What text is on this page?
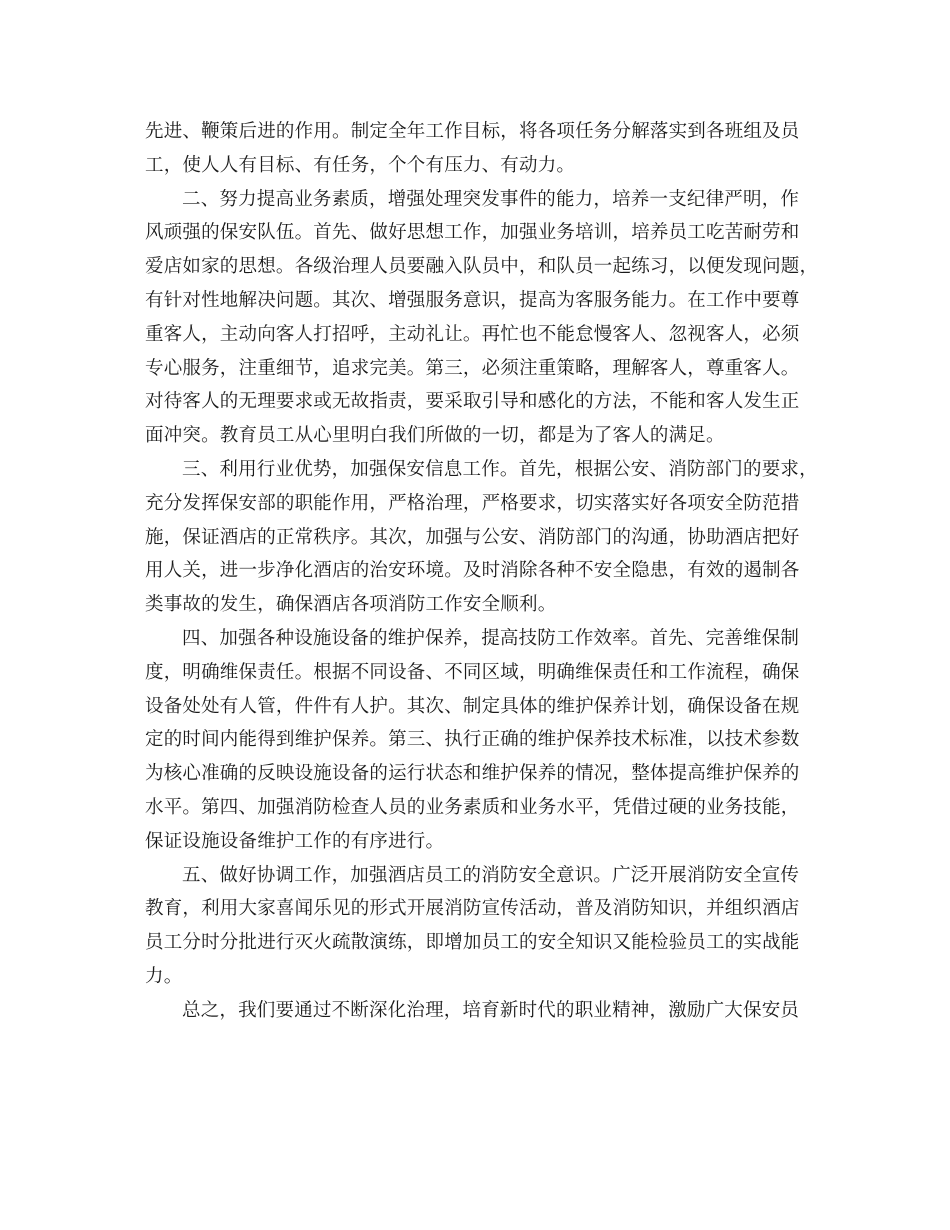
先进、鞭策后进的作用。制定全年工作目标，将各项任务分解落实到各班组及员
工，使人人有目标、有任务，个个有压力、有动力。
二、努力提高业务素质，增强处理突发事件的能力，培养一支纪律严明，作
风顽强的保安队伍。首先、做好思想工作，加强业务培训，培养员工吃苦耐劳和
爱店如家的思想。各级治理人员要融入队员中，和队员一起练习，以便发现问题，
有针对性地解决问题。其次、增强服务意识，提高为客服务能力。在工作中要尊
重客人，主动向客人打招呼，主动礼让。再忙也不能怠慢客人、忽视客人，必须
专心服务，注重细节，追求完美。第三，必须注重策略，理解客人，尊重客人。
对待客人的无理要求或无故指责，要采取引导和感化的方法，不能和客人发生正
面冲突。教育员工从心里明白我们所做的一切，都是为了客人的满足。
三、利用行业优势，加强保安信息工作。首先，根据公安、消防部门的要求，
充分发挥保安部的职能作用，严格治理，严格要求，切实落实好各项安全防范措
施，保证酒店的正常秩序。其次，加强与公安、消防部门的沟通，协助酒店把好
用人关，进一步净化酒店的治安环境。及时消除各种不安全隐患，有效的遏制各
类事故的发生，确保酒店各项消防工作安全顺利。
四、加强各种设施设备的维护保养，提高技防工作效率。首先、完善维保制
度，明确维保责任。根据不同设备、不同区域，明确维保责任和工作流程，确保
设备处处有人管，件件有人护。其次、制定具体的维护保养计划，确保设备在规
定的时间内能得到维护保养。第三、执行正确的维护保养技术标准，以技术参数
为核心准确的反映设施设备的运行状态和维护保养的情况，整体提高维护保养的
水平。第四、加强消防检查人员的业务素质和业务水平，凭借过硬的业务技能，
保证设施设备维护工作的有序进行。
五、做好协调工作，加强酒店员工的消防安全意识。广泛开展消防安全宣传
教育，利用大家喜闻乐见的形式开展消防宣传活动，普及消防知识，并组织酒店
员工分时分批进行灭火疏散演练，即增加员工的安全知识又能检验员工的实战能
力。
总之，我们要通过不断深化治理，培育新时代的职业精神，激励广大保安员
